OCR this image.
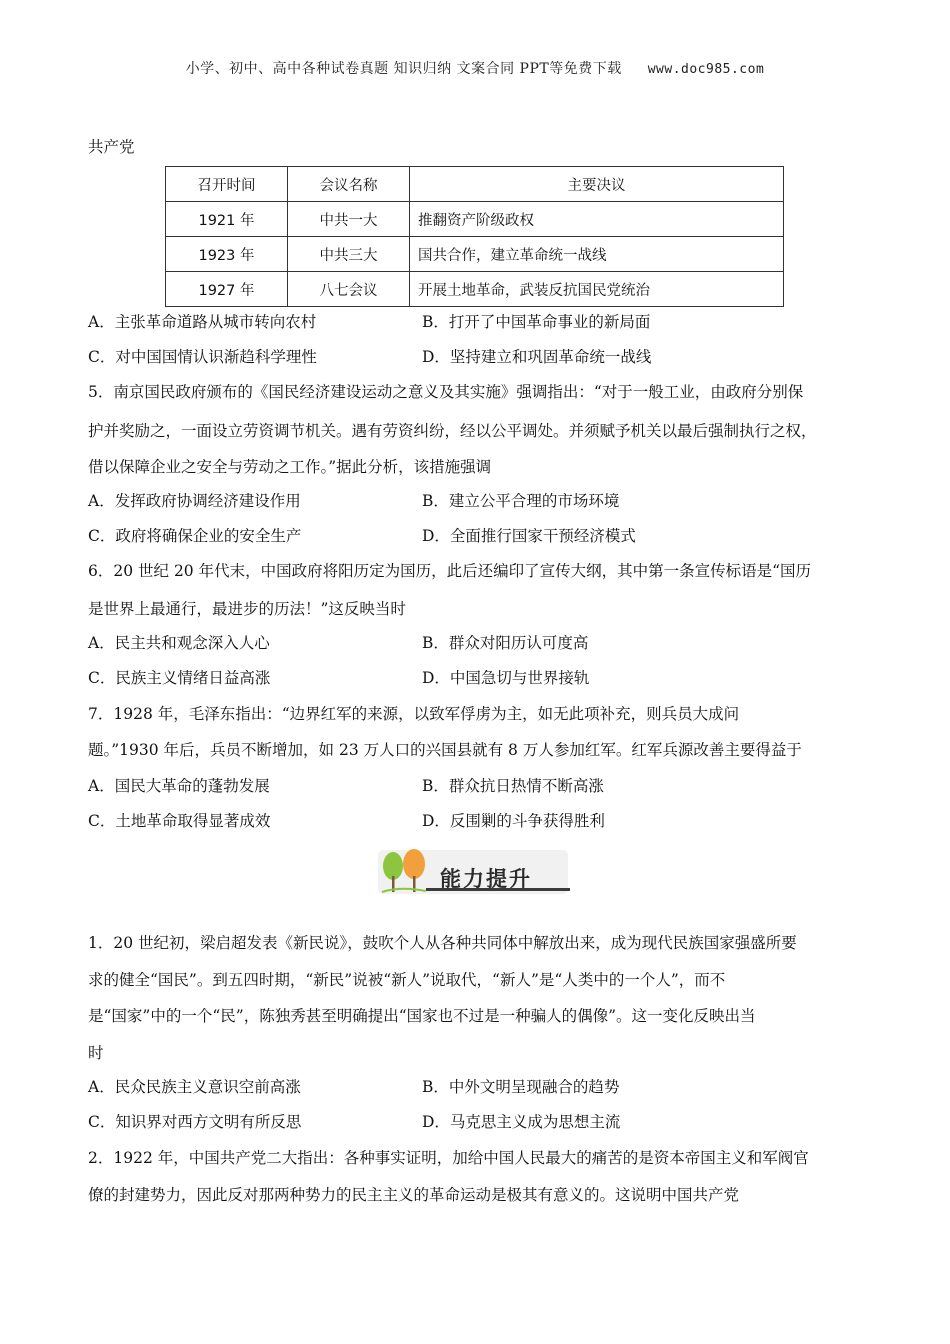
小学、初中、高中各种试卷真题 知识归纳 文案合同 PPT等免费下载 www.doc985.com
共产党
召开时间	会议名称	主要决议
1921 年	中共一大	推翻资产阶级政权
1923 年	中共三大	国共合作，建立革命统一战线
1927 年	八七会议	开展土地革命，武装反抗国民党统治
A．主张革命道路从城市转向农村	B．打开了中国革命事业的新局面
C．对中国国情认识渐趋科学理性	D．坚持建立和巩固革命统一战线
5．南京国民政府颁布的《国民经济建设运动之意义及其实施》强调指出：“对于一般工业，由政府分别保
护并奖励之，一面设立劳资调节机关。遇有劳资纠纷，经以公平调处。并须赋予机关以最后强制执行之权，
借以保障企业之安全与劳动之工作。”据此分析，该措施强调
A．发挥政府协调经济建设作用	B．建立公平合理的市场环境
C．政府将确保企业的安全生产	D．全面推行国家干预经济模式
6．20 世纪 20 年代末，中国政府将阳历定为国历，此后还编印了宣传大纲，其中第一条宣传标语是“国历
是世界上最通行，最进步的历法！”这反映当时
A．民主共和观念深入人心	B．群众对阳历认可度高
C．民族主义情绪日益高涨	D．中国急切与世界接轨
7．1928 年，毛泽东指出：“边界红军的来源，以致军俘虏为主，如无此项补充，则兵员大成问
题。”1930 年后，兵员不断增加，如 23 万人口的兴国县就有 8 万人参加红军。红军兵源改善主要得益于
A．国民大革命的蓬勃发展	B．群众抗日热情不断高涨
C．土地革命取得显著成效	D．反围剿的斗争获得胜利
能力提升
1．20 世纪初，梁启超发表《新民说》，鼓吹个人从各种共同体中解放出来，成为现代民族国家强盛所要
求的健全“国民”。到五四时期，“新民”说被“新人”说取代，“新人”是“人类中的一个人”，而不
是“国家”中的一个“民”，陈独秀甚至明确提出“国家也不过是一种骗人的偶像”。这一变化反映出当
时
A．民众民族主义意识空前高涨	B．中外文明呈现融合的趋势
C．知识界对西方文明有所反思	D．马克思主义成为思想主流
2．1922 年，中国共产党二大指出：各种事实证明，加给中国人民最大的痛苦的是资本帝国主义和军阀官
僚的封建势力，因此反对那两种势力的民主主义的革命运动是极其有意义的。这说明中国共产党
